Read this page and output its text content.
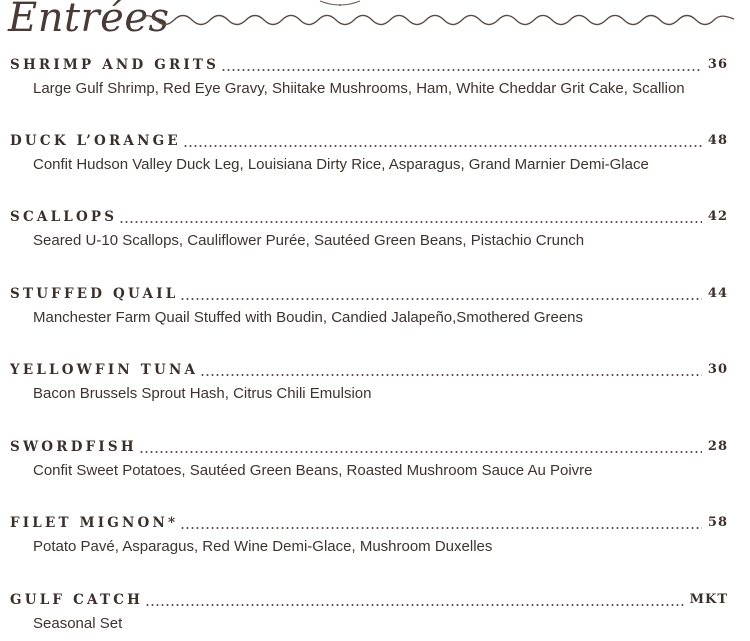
Entrées
SHRIMP AND GRITS	36
Large Gulf Shrimp, Red Eye Gravy, Shiitake Mushrooms, Ham, White Cheddar Grit Cake, Scallion
DUCK L’ORANGE	48
Confit Hudson Valley Duck Leg, Louisiana Dirty Rice, Asparagus, Grand Marnier Demi-Glace
SCALLOPS	42
Seared U-10 Scallops, Cauliflower Purée, Sautéed Green Beans, Pistachio Crunch
STUFFED QUAIL	44
Manchester Farm Quail Stuffed with Boudin, Candied Jalapeño,Smothered Greens
YELLOWFIN TUNA	30
Bacon Brussels Sprout Hash, Citrus Chili Emulsion
SWORDFISH	28
Confit Sweet Potatoes, Sautéed Green Beans, Roasted Mushroom Sauce Au Poivre
FILET MIGNON*	58
Potato Pavé, Asparagus, Red Wine Demi-Glace, Mushroom Duxelles
GULF CATCH	MKT
Seasonal Set
